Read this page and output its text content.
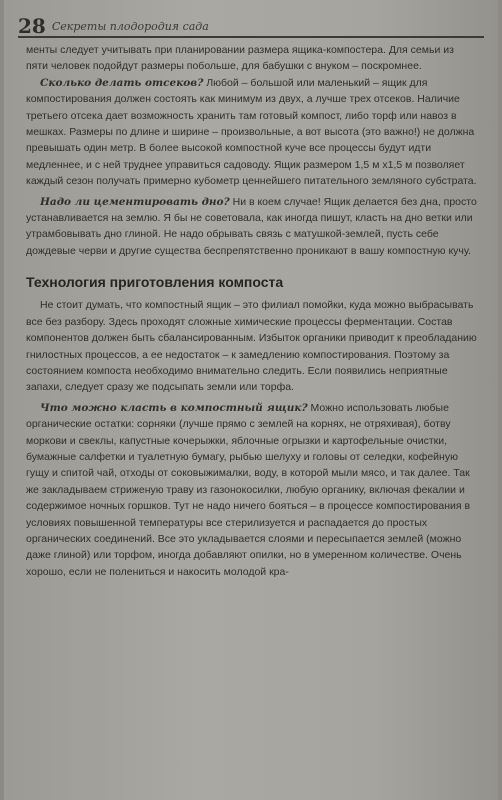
28 Секреты плодородия сада

менты следует учитывать при планировании размера ящика-компостера. Для семьи из пяти человек подойдут размеры побольше, для бабушки с внуком – поскромнее.

Сколько делать отсеков? Любой – большой или маленький – ящик для компостирования должен состоять как минимум из двух, а лучше трех отсеков. Наличие третьего отсека дает возможность хранить там готовый компост, либо торф или навоз в мешках. Размеры по длине и ширине – произвольные, а вот высота (это важно!) не должна превышать один метр. В более высокой компостной куче все процессы будут идти медленнее, и с ней труднее управиться садоводу. Ящик размером 1,5 м х1,5 м позволяет каждый сезон получать примерно кубометр ценнейшего питательного земляного субстрата.

Надо ли цементировать дно? Ни в коем случае! Ящик делается без дна, просто устанавливается на землю. Я бы не советовала, как иногда пишут, класть на дно ветки или утрамбовывать дно глиной. Не надо обрывать связь с матушкой-землей, пусть себе дождевые черви и другие существа беспрепятственно проникают в вашу компостную кучу.

Технология приготовления компоста

Не стоит думать, что компостный ящик – это филиал помойки, куда можно выбрасывать все без разбору. Здесь проходят сложные химические процессы ферментации. Состав компонентов должен быть сбалансированным. Избыток органики приводит к преобладанию гнилостных процессов, а ее недостаток – к замедлению компостирования. Поэтому за состоянием компоста необходимо внимательно следить. Если появились неприятные запахи, следует сразу же подсыпать земли или торфа.

Что можно класть в компостный ящик? Можно использовать любые органические остатки: сорняки (лучше прямо с землей на корнях, не отряхивая), ботву моркови и свеклы, капустные кочерыжки, яблочные огрызки и картофельные очистки, бумажные салфетки и туалетную бумагу, рыбью шелуху и головы от селедки, кофейную гущу и спитой чай, отходы от соковыжималки, воду, в которой мыли мясо, и так далее. Так же закладываем стриженую траву из газонокосилки, любую органику, включая фекалии и содержимое ночных горшков. Тут не надо ничего бояться – в процессе компостирования в условиях повышенной температуры все стерилизуется и распадается до простых органических соединений. Все это укладывается слоями и пересыпается землей (можно даже глиной) или торфом, иногда добавляют опилки, но в умеренном количестве. Очень хорошо, если не полениться и накосить молодой кра-
